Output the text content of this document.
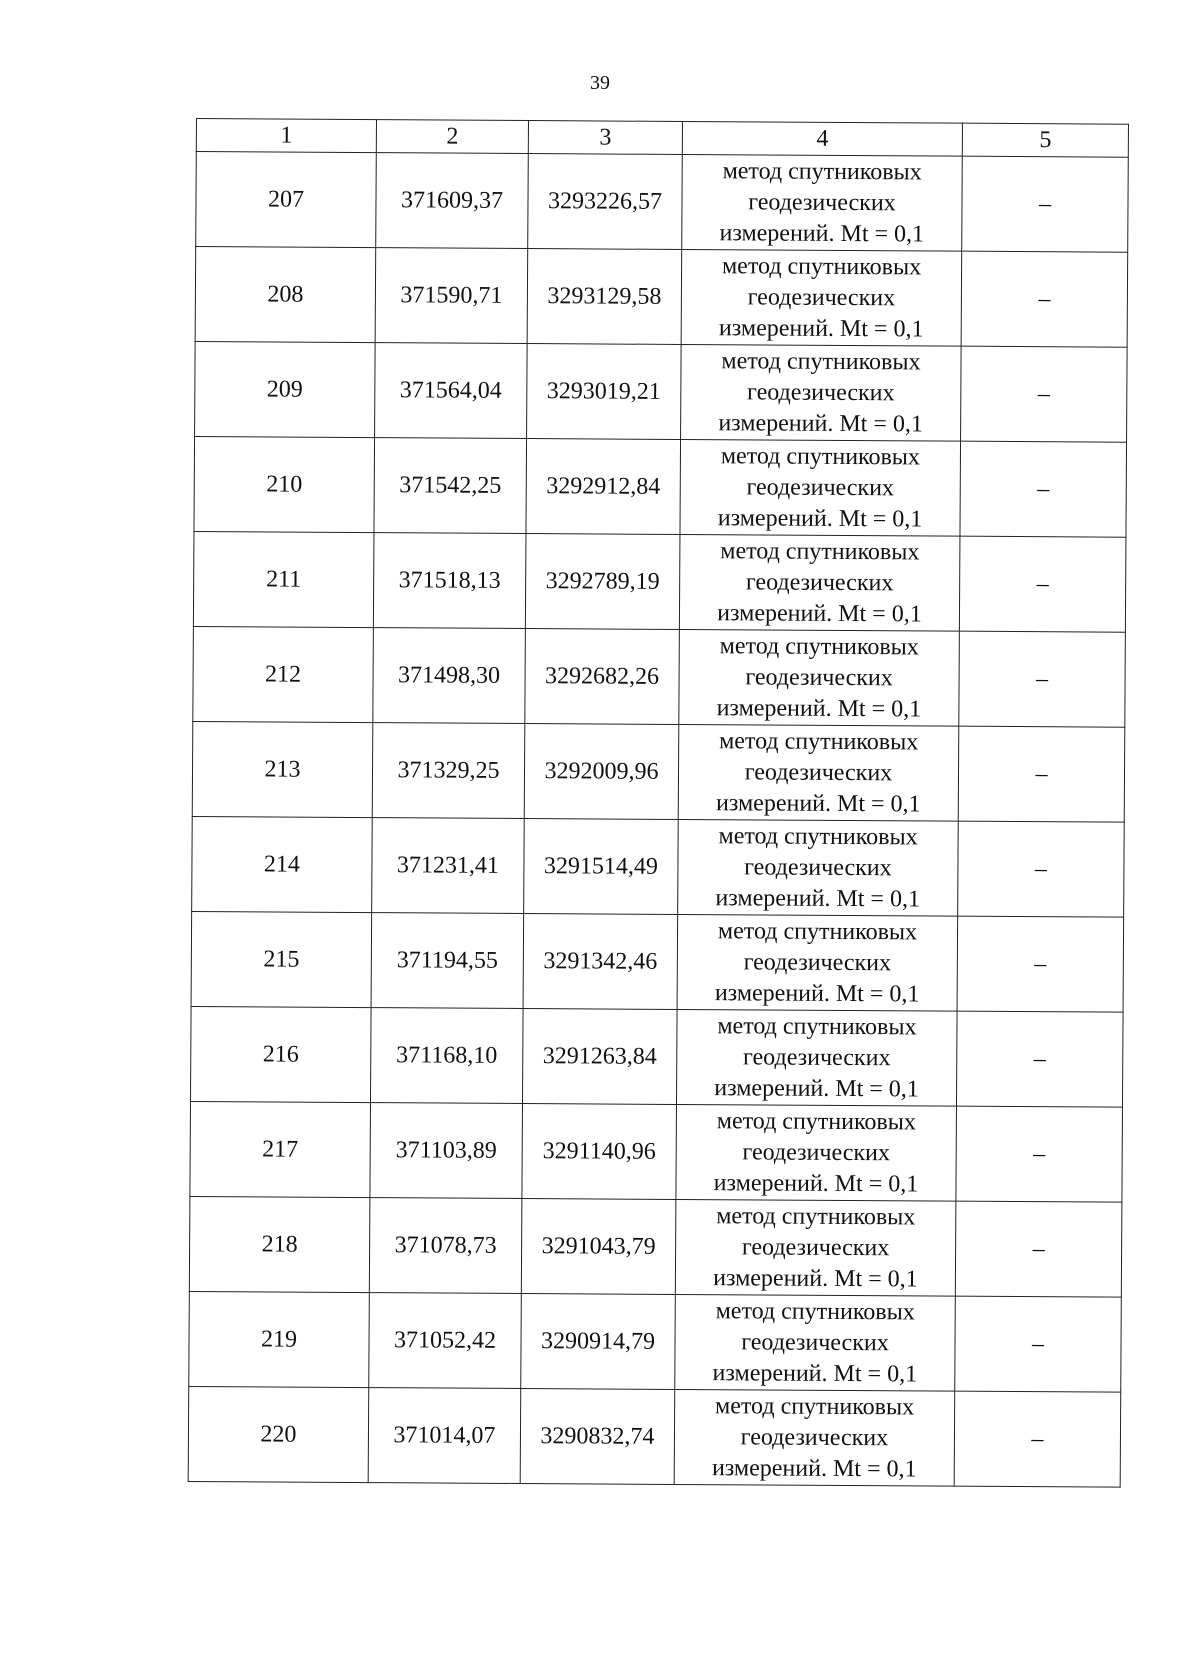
39
1	2	3	4	5
207	371609,37	3293226,57	метод спутниковых
геодезических
измерений. Mt = 0,1	–
208	371590,71	3293129,58	метод спутниковых
геодезических
измерений. Mt = 0,1	–
209	371564,04	3293019,21	метод спутниковых
геодезических
измерений. Mt = 0,1	–
210	371542,25	3292912,84	метод спутниковых
геодезических
измерений. Mt = 0,1	–
211	371518,13	3292789,19	метод спутниковых
геодезических
измерений. Mt = 0,1	–
212	371498,30	3292682,26	метод спутниковых
геодезических
измерений. Mt = 0,1	–
213	371329,25	3292009,96	метод спутниковых
геодезических
измерений. Mt = 0,1	–
214	371231,41	3291514,49	метод спутниковых
геодезических
измерений. Mt = 0,1	–
215	371194,55	3291342,46	метод спутниковых
геодезических
измерений. Mt = 0,1	–
216	371168,10	3291263,84	метод спутниковых
геодезических
измерений. Mt = 0,1	–
217	371103,89	3291140,96	метод спутниковых
геодезических
измерений. Mt = 0,1	–
218	371078,73	3291043,79	метод спутниковых
геодезических
измерений. Mt = 0,1	–
219	371052,42	3290914,79	метод спутниковых
геодезических
измерений. Mt = 0,1	–
220	371014,07	3290832,74	метод спутниковых
геодезических
измерений. Mt = 0,1	–
